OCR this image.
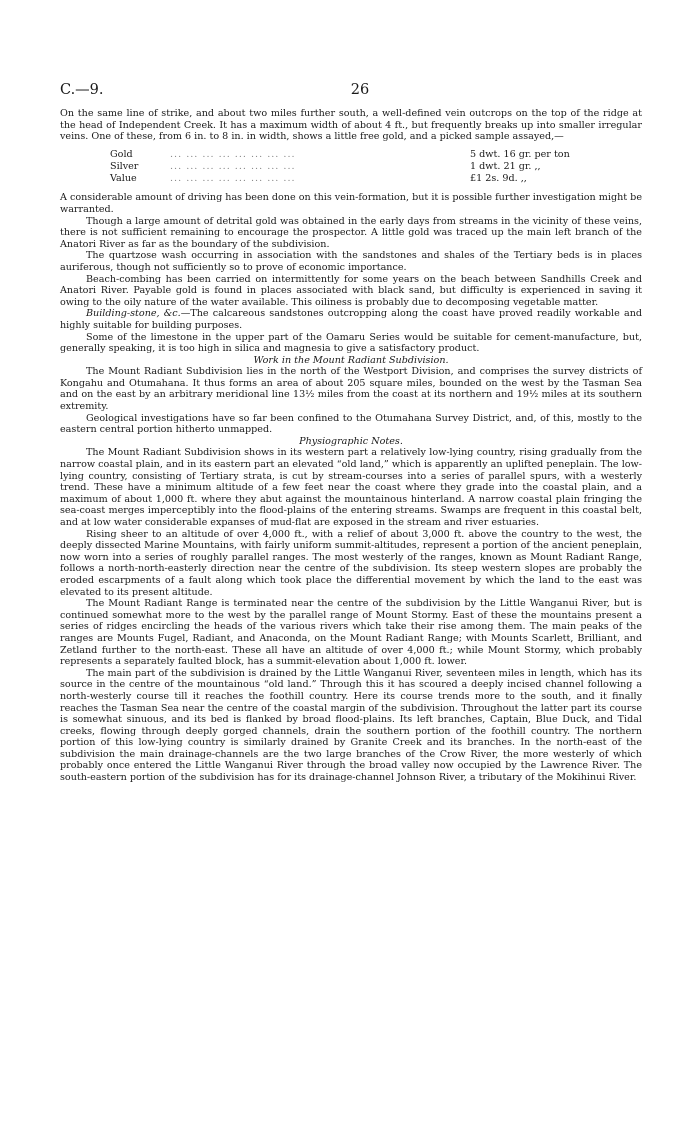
C.—9.	26

On the same line of strike, and about two miles further south, a well-defined vein outcrops on the top of the ridge at the head of Independent Creek. It has a maximum width of about 4 ft., but frequently breaks up into smaller irregular veins. One of these, from 6 in. to 8 in. in width, shows a little free gold, and a picked sample assayed,—

Gold	... ... ... ... ... ... ... ...	5 dwt. 16 gr. per ton
Silver	... ... ... ... ... ... ... ...	1 dwt. 21 gr. ,,
Value	... ... ... ... ... ... ... ...	£1 2s. 9d. ,,

A considerable amount of driving has been done on this vein-formation, but it is possible further investigation might be warranted.

Though a large amount of detrital gold was obtained in the early days from streams in the vicinity of these veins, there is not sufficient remaining to encourage the prospector. A little gold was traced up the main left branch of the Anatori River as far as the boundary of the subdivision.

The quartzose wash occurring in association with the sandstones and shales of the Tertiary beds is in places auriferous, though not sufficiently so to prove of economic importance.

Beach-combing has been carried on intermittently for some years on the beach between Sandhills Creek and Anatori River. Payable gold is found in places associated with black sand, but difficulty is experienced in saving it owing to the oily nature of the water available. This oiliness is probably due to decomposing vegetable matter.

Building-stone, &c.—The calcareous sandstones outcropping along the coast have proved readily workable and highly suitable for building purposes.

Some of the limestone in the upper part of the Oamaru Series would be suitable for cement-manufacture, but, generally speaking, it is too high in silica and magnesia to give a satisfactory product.

Work in the Mount Radiant Subdivision.

The Mount Radiant Subdivision lies in the north of the Westport Division, and comprises the survey districts of Kongahu and Otumahana. It thus forms an area of about 205 square miles, bounded on the west by the Tasman Sea and on the east by an arbitrary meridional line 13½ miles from the coast at its northern and 19½ miles at its southern extremity.

Geological investigations have so far been confined to the Otumahana Survey District, and, of this, mostly to the eastern central portion hitherto unmapped.

Physiographic Notes.

The Mount Radiant Subdivision shows in its western part a relatively low-lying country, rising gradually from the narrow coastal plain, and in its eastern part an elevated “old land,” which is apparently an uplifted peneplain. The low-lying country, consisting of Tertiary strata, is cut by stream-courses into a series of parallel spurs, with a westerly trend. These have a minimum altitude of a few feet near the coast where they grade into the coastal plain, and a maximum of about 1,000 ft. where they abut against the mountainous hinterland. A narrow coastal plain fringing the sea-coast merges imperceptibly into the flood-plains of the entering streams. Swamps are frequent in this coastal belt, and at low water considerable expanses of mud-flat are exposed in the stream and river estuaries.

Rising sheer to an altitude of over 4,000 ft., with a relief of about 3,000 ft. above the country to the west, the deeply dissected Marine Mountains, with fairly uniform summit-altitudes, represent a portion of the ancient peneplain, now worn into a series of roughly parallel ranges. The most westerly of the ranges, known as Mount Radiant Range, follows a north-north-easterly direction near the centre of the subdivision. Its steep western slopes are probably the eroded escarpments of a fault along which took place the differential movement by which the land to the east was elevated to its present altitude.

The Mount Radiant Range is terminated near the centre of the subdivision by the Little Wanganui River, but is continued somewhat more to the west by the parallel range of Mount Stormy. East of these the mountains present a series of ridges encircling the heads of the various rivers which take their rise among them. The main peaks of the ranges are Mounts Fugel, Radiant, and Anaconda, on the Mount Radiant Range; with Mounts Scarlett, Brilliant, and Zetland further to the north-east. These all have an altitude of over 4,000 ft.; while Mount Stormy, which probably represents a separately faulted block, has a summit-elevation about 1,000 ft. lower.

The main part of the subdivision is drained by the Little Wanganui River, seventeen miles in length, which has its source in the centre of the mountainous “old land.” Through this it has scoured a deeply incised channel following a north-westerly course till it reaches the foothill country. Here its course trends more to the south, and it finally reaches the Tasman Sea near the centre of the coastal margin of the subdivision. Throughout the latter part its course is somewhat sinuous, and its bed is flanked by broad flood-plains. Its left branches, Captain, Blue Duck, and Tidal creeks, flowing through deeply gorged channels, drain the southern portion of the foothill country. The northern portion of this low-lying country is similarly drained by Granite Creek and its branches. In the north-east of the subdivision the main drainage-channels are the two large branches of the Crow River, the more westerly of which probably once entered the Little Wanganui River through the broad valley now occupied by the Lawrence River. The south-eastern portion of the subdivision has for its drainage-channel Johnson River, a tributary of the Mokihinui River.
